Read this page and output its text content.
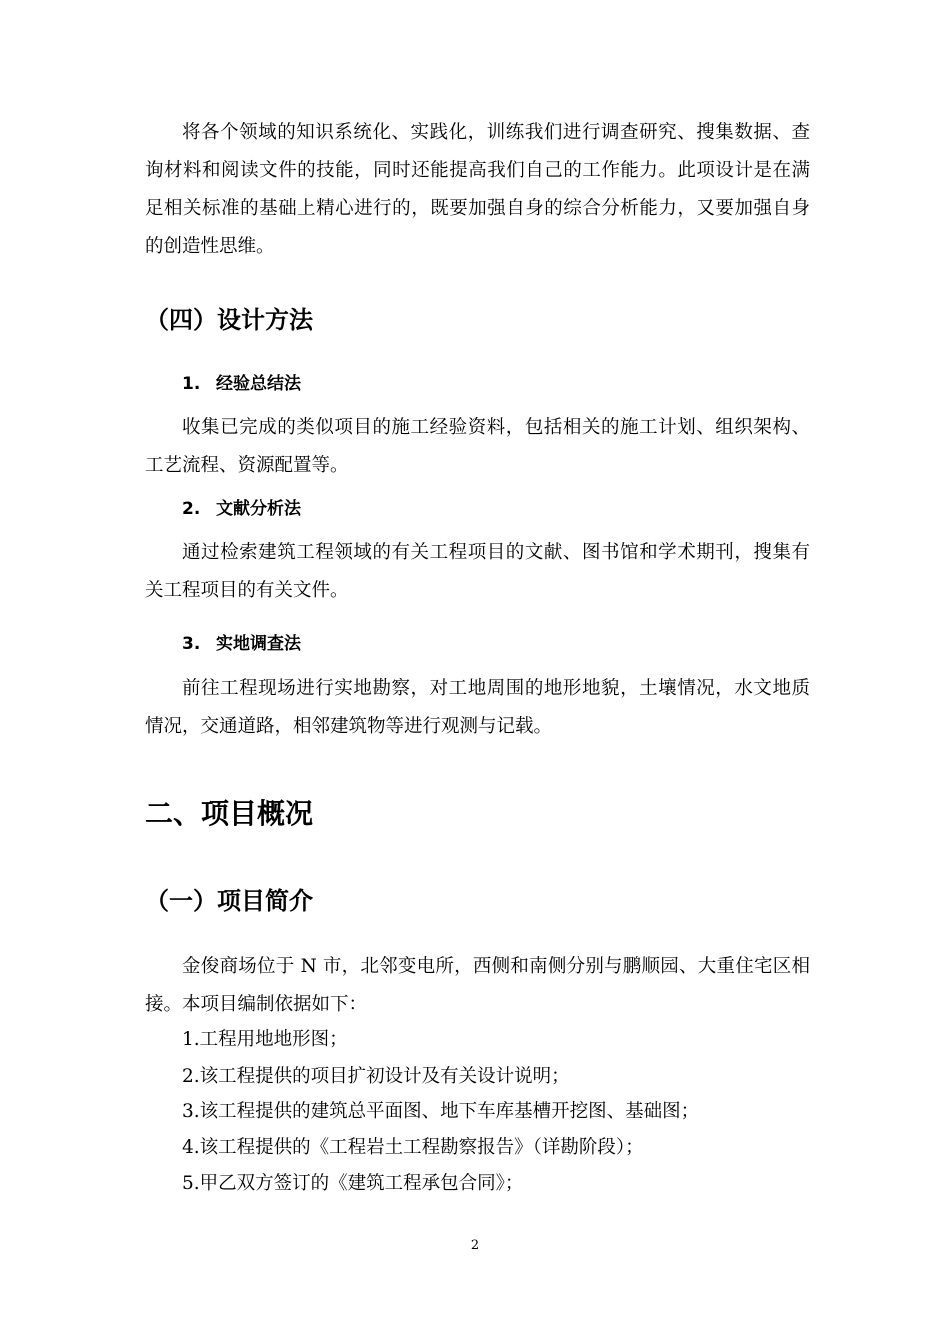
将各个领域的知识系统化、实践化，训练我们进行调查研究、搜集数据、查询材料和阅读文件的技能，同时还能提高我们自己的工作能力。此项设计是在满足相关标准的基础上精心进行的，既要加强自身的综合分析能力，又要加强自身的创造性思维。

（四）设计方法
1. 经验总结法

收集已完成的类似项目的施工经验资料，包括相关的施工计划、组织架构、工艺流程、资源配置等。

2. 文献分析法

通过检索建筑工程领域的有关工程项目的文献、图书馆和学术期刊，搜集有关工程项目的有关文件。

3. 实地调查法

前往工程现场进行实地勘察，对工地周围的地形地貌，土壤情况，水文地质情况，交通道路，相邻建筑物等进行观测与记载。

二、项目概况
（一）项目简介

金俊商场位于 N 市，北邻变电所，西侧和南侧分别与鹏顺园、大重住宅区相接。本项目编制依据如下：

1.工程用地地形图；

2.该工程提供的项目扩初设计及有关设计说明；

3.该工程提供的建筑总平面图、地下车库基槽开挖图、基础图；

4.该工程提供的《工程岩土工程勘察报告》（详勘阶段）；

5.甲乙双方签订的《建筑工程承包合同》；

2
